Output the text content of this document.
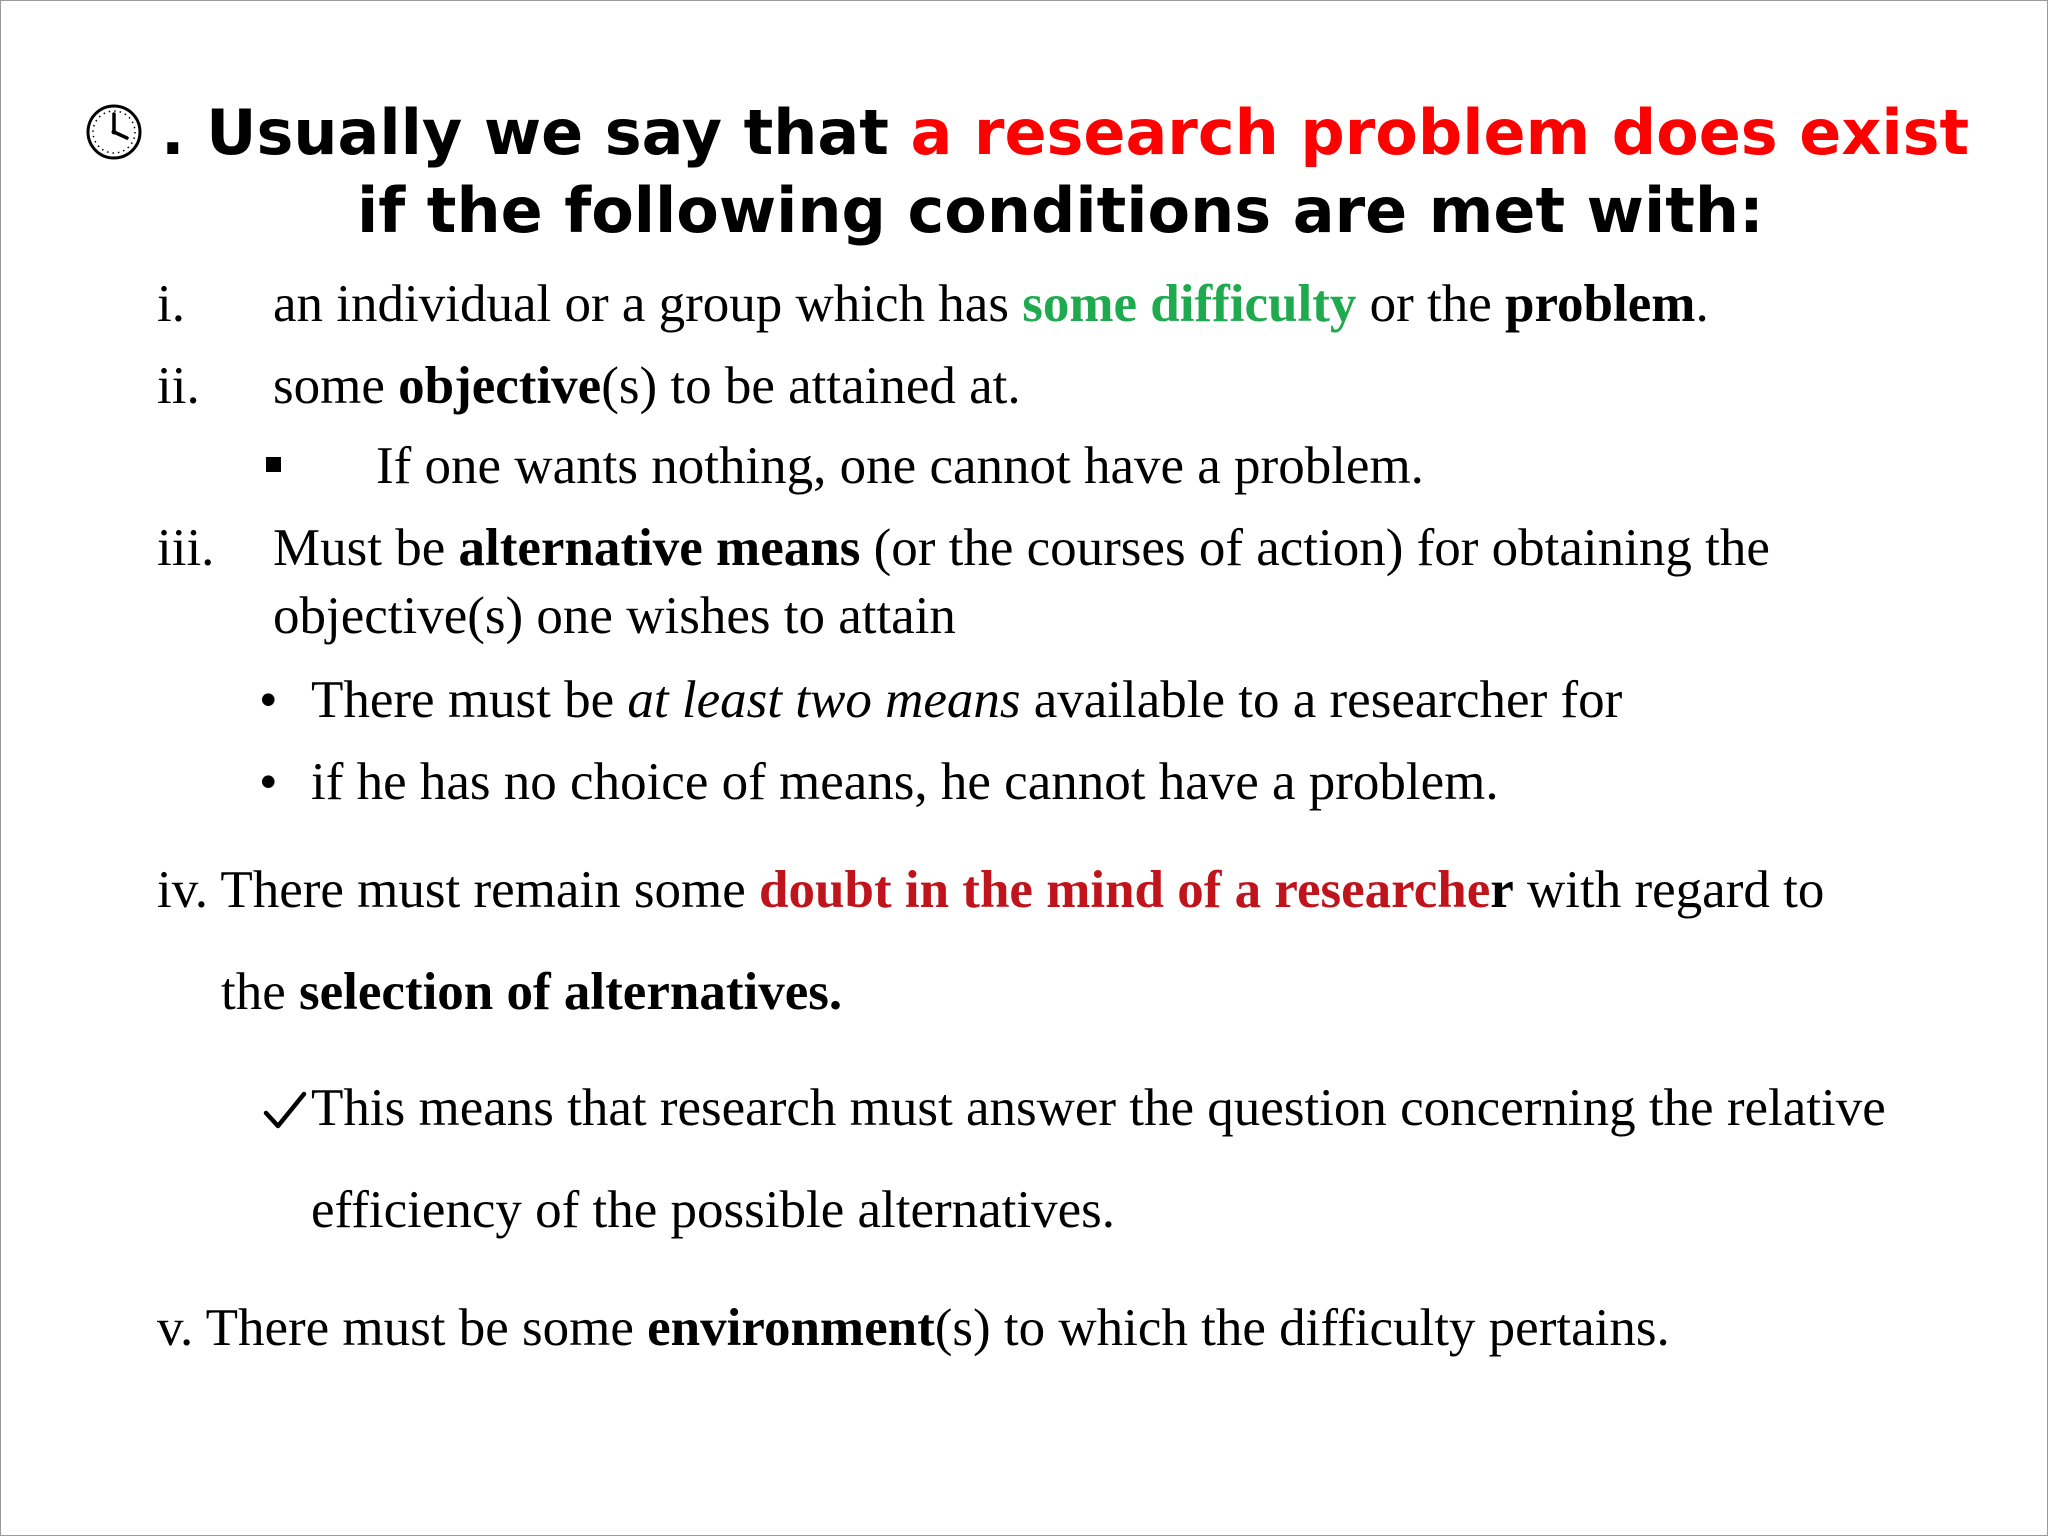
. Usually we say that a research problem does exist
if the following conditions are met with:
i. an individual or a group which has some difficulty or the problem.
ii. some objective(s) to be attained at.
If one wants nothing, one cannot have a problem.
iii. Must be alternative means (or the courses of action) for obtaining the
objective(s) one wishes to attain
• There must be at least two means available to a researcher for
• if he has no choice of means, he cannot have a problem.
iv. There must remain some doubt in the mind of a researcher with regard to
the selection of alternatives.
This means that research must answer the question concerning the relative
efficiency of the possible alternatives.
v. There must be some environment(s) to which the difficulty pertains.
